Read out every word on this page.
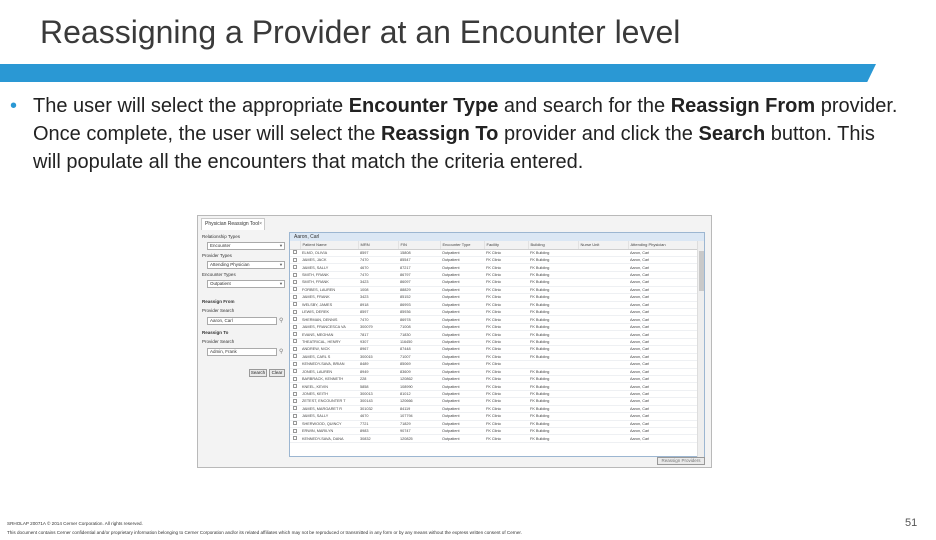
Reassigning a Provider at an Encounter level
• The user will select the appropriate Encounter Type and search for the Reassign From provider. Once complete, the user will select the Reassign To provider and click the Search button. This will populate all the encounters that match the criteria entered.
Physician Reassign Tool ×
Relationship Types
Encounter	▼
Provider Types
Attending Physician	▼
Encounter Types
Outpatient	▼
Reassign From
Provider Search
Aaron, Carl	⚲
Reassign To
Provider Search
Admin, Frank	⚲
Search	Clear
Aaron, Carl
	Patient Name	MRN	FIN	Encounter Type	Facility	Building	Nurse Unit	Attending Physician
	ELMO, OLIVIA	8597	15808	Outpatient	FK Clinic	FK Building		Aaron, Carl
	JAMES, JACK	7470	85547	Outpatient	FK Clinic	FK Building		Aaron, Carl
	JAMES, SALLY	4670	87217	Outpatient	FK Clinic	FK Building		Aaron, Carl
	SMITH, FRANK	7470	86797	Outpatient	FK Clinic	FK Building		Aaron, Carl
	SMITH, FRANK	3423	86097	Outpatient	FK Clinic	FK Building		Aaron, Carl
	FORBES, LAUREN	1008	88829	Outpatient	FK Clinic	FK Building		Aaron, Carl
	JAMES, FRANK	3423	85152	Outpatient	FK Clinic	FK Building		Aaron, Carl
	WELSBY, JAMES	8918	86993	Outpatient	FK Clinic	FK Building		Aaron, Carl
	LEWIS, DEREK	8597	85936	Outpatient	FK Clinic	FK Building		Aaron, Carl
	SHERMAN, DENNIS	7470	86978	Outpatient	FK Clinic	FK Building		Aaron, Carl
	JAMES, FRANCESCA VA	300079	71008	Outpatient	FK Clinic	FK Building		Aaron, Carl
	EVANS, MEGHAN	7817	71830	Outpatient	FK Clinic	FK Building		Aaron, Carl
	THEATRICAL, HENRY	9307	116450	Outpatient	FK Clinic	FK Building		Aaron, Carl
	ANDREW, NICK	8967	87448	Outpatient	FK Clinic	FK Building		Aaron, Carl
	JAMES, CARL S	300015	71007	Outpatient	FK Clinic	FK Building		Aaron, Carl
	KENNEDY-SAVA, BRIAN	8489	85069	Outpatient	FK Clinic			Aaron, Carl
	JONES, LAUREN	8949	83609	Outpatient	FK Clinic	FK Building		Aaron, Carl
	BARBRACK, KENNETH	228	120862	Outpatient	FK Clinic	FK Building		Aaron, Carl
	KNEEL, KEVIN	5858	108990	Outpatient	FK Clinic	FK Building		Aaron, Carl
	JONES, KEITH	300013	81012	Outpatient	FK Clinic	FK Building		Aaron, Carl
	ZETEST, ENCOUNTER T	300143	120666	Outpatient	FK Clinic	FK Building		Aaron, Carl
	JAMES, MARGARET R	301032	84119	Outpatient	FK Clinic	FK Building		Aaron, Carl
	JAMES, SALLY	4670	107794	Outpatient	FK Clinic	FK Building		Aaron, Carl
	SHERWOOD, QUINCY	7721	71829	Outpatient	FK Clinic	FK Building		Aaron, Carl
	ERWIN, MARILYN	8983	90747	Outpatient	FK Clinic	FK Building		Aaron, Carl
	KENNEDY-SAVA, DANA	30832	120825	Outpatient	FK Clinic	FK Building		Aaron, Carl
Reassign Providers
SRHOLAP 20071A © 2014 Cerner Corporation. All rights reserved.
This document contains Cerner confidential and/or proprietary information belonging to Cerner Corporation and/or its related affiliates which may not be reproduced or transmitted in any form or by any means without the express written consent of Cerner.
51
